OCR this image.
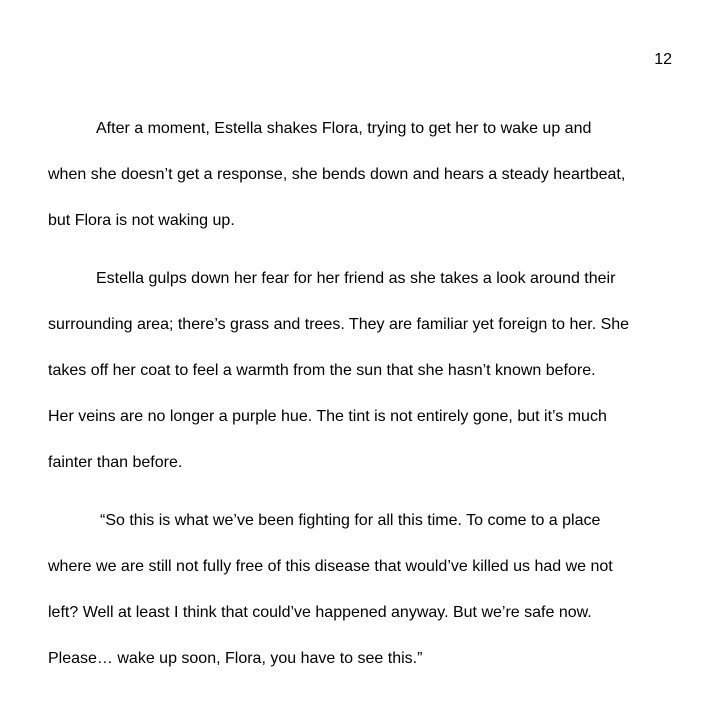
12

After a moment, Estella shakes Flora, trying to get her to wake up and
when she doesn’t get a response, she bends down and hears a steady heartbeat,
but Flora is not waking up.

Estella gulps down her fear for her friend as she takes a look around their
surrounding area; there’s grass and trees. They are familiar yet foreign to her. She
takes off her coat to feel a warmth from the sun that she hasn’t known before.
Her veins are no longer a purple hue. The tint is not entirely gone, but it’s much
fainter than before.

“So this is what we’ve been fighting for all this time. To come to a place
where we are still not fully free of this disease that would’ve killed us had we not
left? Well at least I think that could’ve happened anyway. But we’re safe now.
Please… wake up soon, Flora, you have to see this.”
